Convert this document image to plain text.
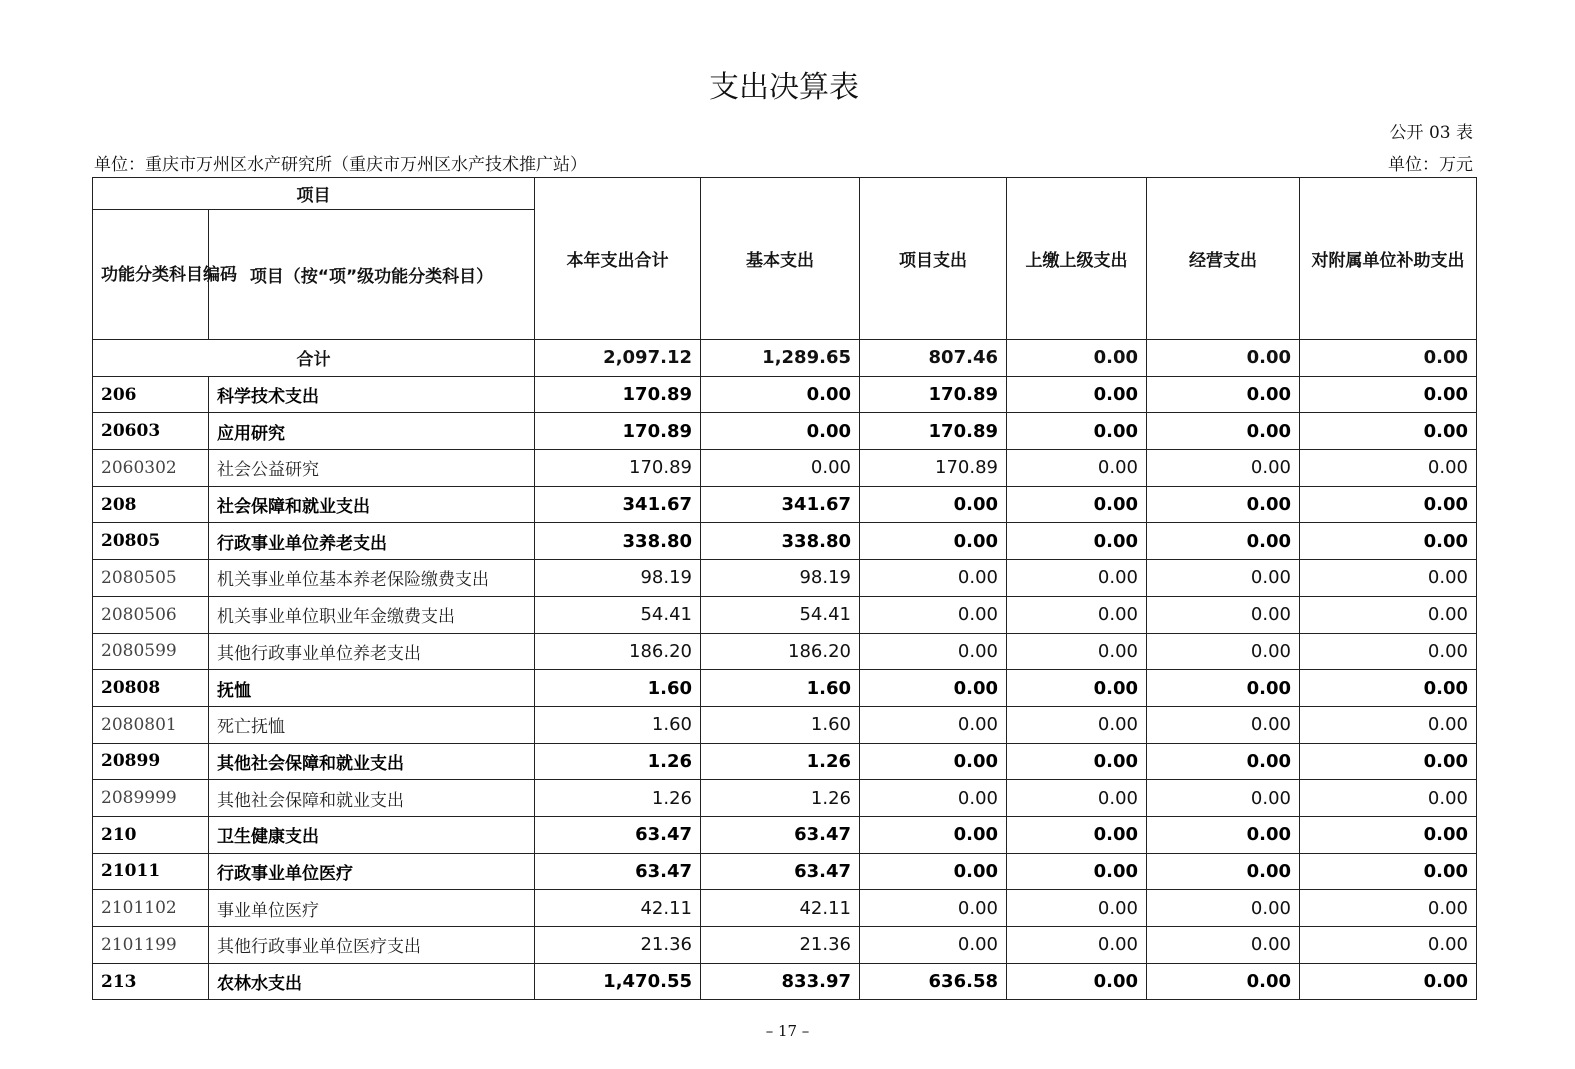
支出决算表
公开 03 表
单位：重庆市万州区水产研究所（重庆市万州区水产技术推广站）	单位：万元
项目		本年支出合计	基本支出	项目支出	上缴上级支出	经营支出	对附属单位补助支出
功能分类科目编码	项目（按“项”级功能分类科目）						
合计		2,097.12	1,289.65	807.46	0.00	0.00	0.00
206	科学技术支出	170.89	0.00	170.89	0.00	0.00	0.00
20603	应用研究	170.89	0.00	170.89	0.00	0.00	0.00
2060302	社会公益研究	170.89	0.00	170.89	0.00	0.00	0.00
208	社会保障和就业支出	341.67	341.67	0.00	0.00	0.00	0.00
20805	行政事业单位养老支出	338.80	338.80	0.00	0.00	0.00	0.00
2080505	机关事业单位基本养老保险缴费支出	98.19	98.19	0.00	0.00	0.00	0.00
2080506	机关事业单位职业年金缴费支出	54.41	54.41	0.00	0.00	0.00	0.00
2080599	其他行政事业单位养老支出	186.20	186.20	0.00	0.00	0.00	0.00
20808	抚恤	1.60	1.60	0.00	0.00	0.00	0.00
2080801	死亡抚恤	1.60	1.60	0.00	0.00	0.00	0.00
20899	其他社会保障和就业支出	1.26	1.26	0.00	0.00	0.00	0.00
2089999	其他社会保障和就业支出	1.26	1.26	0.00	0.00	0.00	0.00
210	卫生健康支出	63.47	63.47	0.00	0.00	0.00	0.00
21011	行政事业单位医疗	63.47	63.47	0.00	0.00	0.00	0.00
2101102	事业单位医疗	42.11	42.11	0.00	0.00	0.00	0.00
2101199	其他行政事业单位医疗支出	21.36	21.36	0.00	0.00	0.00	0.00
213	农林水支出	1,470.55	833.97	636.58	0.00	0.00	0.00
– 17 –
